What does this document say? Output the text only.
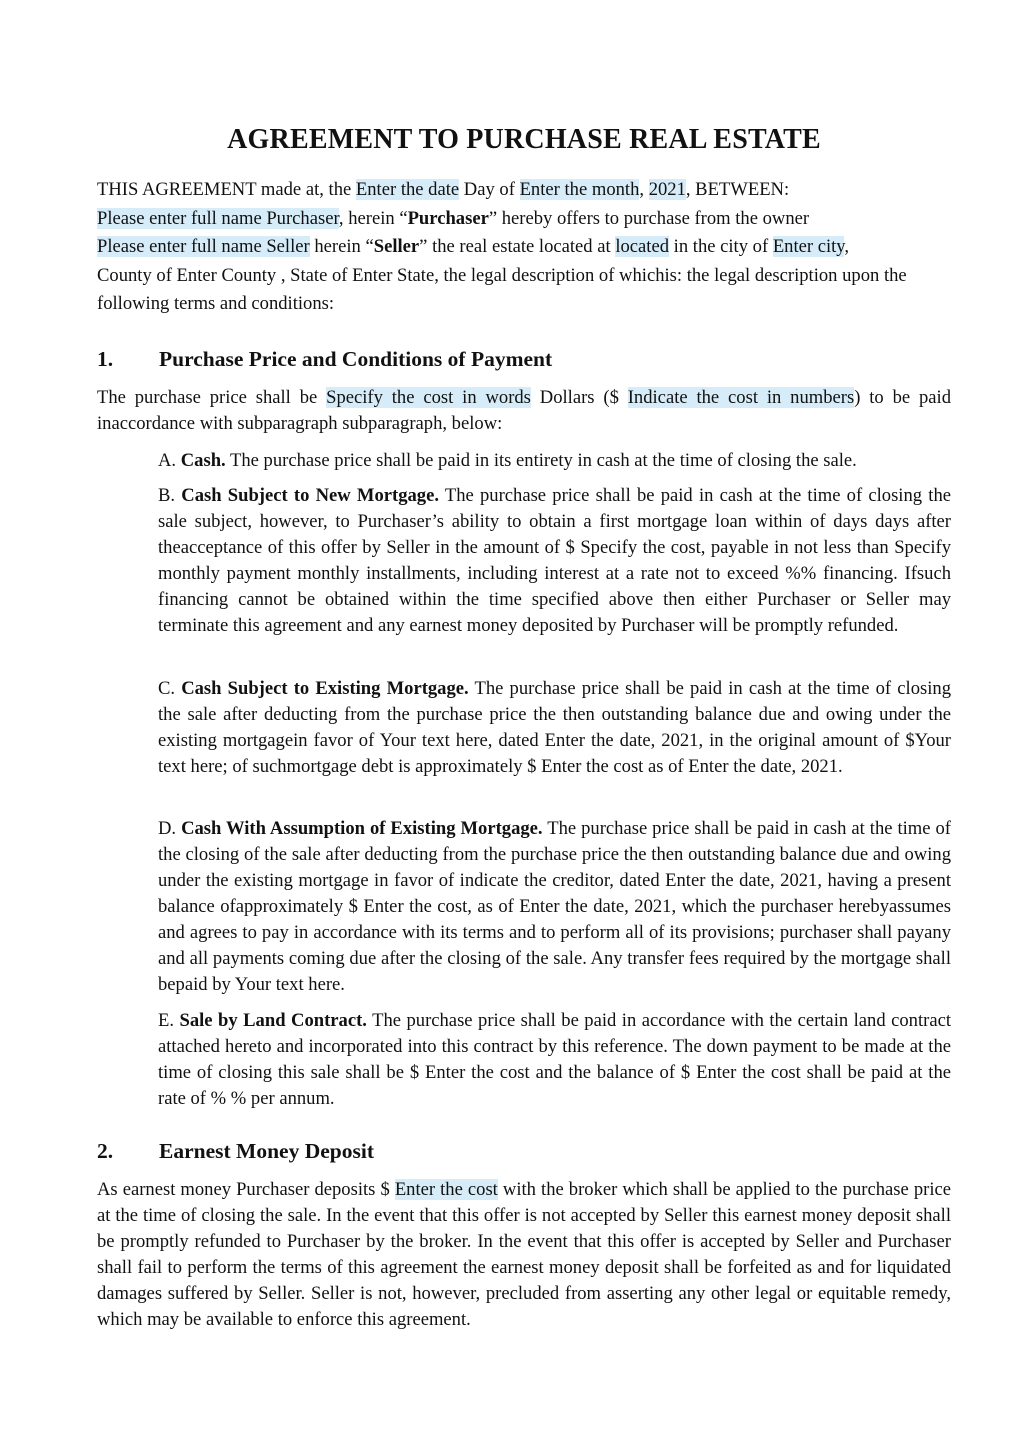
AGREEMENT TO PURCHASE REAL ESTATE

THIS AGREEMENT made at, the Enter the date Day of Enter the month, 2021, BETWEEN:
Please enter full name Purchaser, herein “Purchaser” hereby offers to purchase from the owner
Please enter full name Seller herein “Seller” the real estate located at located in the city of Enter city,
County of Enter County , State of Enter State, the legal description of whichis: the legal description upon the following terms and conditions:

1. Purchase Price and Conditions of Payment

The purchase price shall be Specify the cost in words Dollars ($ Indicate the cost in numbers) to be paid inaccordance with subparagraph subparagraph, below:

A. Cash. The purchase price shall be paid in its entirety in cash at the time of closing the sale.

B. Cash Subject to New Mortgage. The purchase price shall be paid in cash at the time of closing the sale subject, however, to Purchaser’s ability to obtain a first mortgage loan within of days days after theacceptance of this offer by Seller in the amount of $ Specify the cost, payable in not less than Specify monthly payment monthly installments, including interest at a rate not to exceed %% financing. Ifsuch financing cannot be obtained within the time specified above then either Purchaser or Seller may terminate this agreement and any earnest money deposited by Purchaser will be promptly refunded.

C. Cash Subject to Existing Mortgage. The purchase price shall be paid in cash at the time of closing the sale after deducting from the purchase price the then outstanding balance due and owing under the existing mortgagein favor of Your text here, dated Enter the date, 2021, in the original amount of $Your text here; of suchmortgage debt is approximately $ Enter the cost as of Enter the date, 2021.

D. Cash With Assumption of Existing Mortgage. The purchase price shall be paid in cash at the time of the closing of the sale after deducting from the purchase price the then outstanding balance due and owing under the existing mortgage in favor of indicate the creditor, dated Enter the date, 2021, having a present balance ofapproximately $ Enter the cost, as of Enter the date, 2021, which the purchaser herebyassumes and agrees to pay in accordance with its terms and to perform all of its provisions; purchaser shall payany and all payments coming due after the closing of the sale. Any transfer fees required by the mortgage shall bepaid by Your text here.

E. Sale by Land Contract. The purchase price shall be paid in accordance with the certain land contract attached hereto and incorporated into this contract by this reference. The down payment to be made at the time of closing this sale shall be $ Enter the cost and the balance of $ Enter the cost shall be paid at the rate of % % per annum.

2. Earnest Money Deposit

As earnest money Purchaser deposits $ Enter the cost with the broker which shall be applied to the purchase price at the time of closing the sale. In the event that this offer is not accepted by Seller this earnest money deposit shall be promptly refunded to Purchaser by the broker. In the event that this offer is accepted by Seller and Purchaser shall fail to perform the terms of this agreement the earnest money deposit shall be forfeited as and for liquidated damages suffered by Seller. Seller is not, however, precluded from asserting any other legal or equitable remedy, which may be available to enforce this agreement.
